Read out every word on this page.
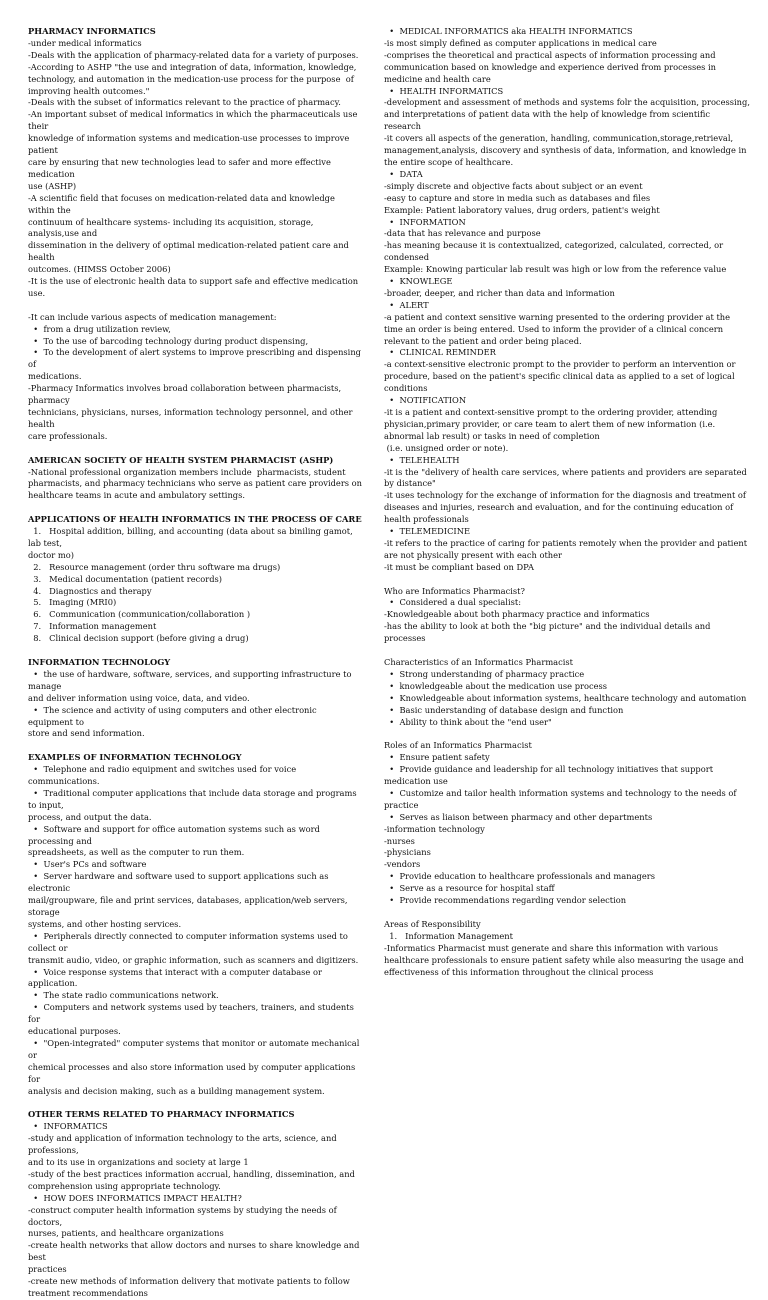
PHARMACY INFORMATICS
-under medical informatics
-Deals with the application of pharmacy-related data for a variety of purposes.
-According to ASHP "the use and integration of data, information, knowledge,
technology, and automation in the medication-use process for the purpose  of
improving health outcomes."
-Deals with the subset of informatics relevant to the practice of pharmacy.
-An important subset of medical informatics in which the pharmaceuticals use their
knowledge of information systems and medication-use processes to improve patient
care by ensuring that new technologies lead to safer and more effective medication
use (ASHP)
-A scientific field that focuses on medication-related data and knowledge within the
continuum of healthcare systems- including its acquisition, storage, analysis,use and
dissemination in the delivery of optimal medication-related patient care and health
outcomes. (HIMSS October 2006)
-It is the use of electronic health data to support safe and effective medication use.
-It can include various aspects of medication management:
•  from a drug utilization review,
•  To the use of barcoding technology during product dispensing,
•  To the development of alert systems to improve prescribing and dispensing of
medications.
-Pharmacy Informatics involves broad collaboration between pharmacists, pharmacy
technicians, physicians, nurses, information technology personnel, and other health
care professionals.
AMERICAN SOCIETY OF HEALTH SYSTEM PHARMACIST (ASHP)
-National professional organization members include  pharmacists, student
pharmacists, and pharmacy technicians who serve as patient care providers on
healthcare teams in acute and ambulatory settings.
APPLICATIONS OF HEALTH INFORMATICS IN THE PROCESS OF CARE
1.   Hospital addition, billing, and accounting (data about sa biniling gamot, lab test,
doctor mo)
2.   Resource management (order thru software ma drugs)
3.   Medical documentation (patient records)
4.   Diagnostics and therapy
5.   Imaging (MRI0)
6.   Communication (communication/collaboration )
7.   Information management
8.   Clinical decision support (before giving a drug)
INFORMATION TECHNOLOGY
•  the use of hardware, software, services, and supporting infrastructure to manage
and deliver information using voice, data, and video.
•  The science and activity of using computers and other electronic equipment to
store and send information.
EXAMPLES OF INFORMATION TECHNOLOGY
•  Telephone and radio equipment and switches used for voice communications.
•  Traditional computer applications that include data storage and programs to input,
process, and output the data.
•  Software and support for office automation systems such as word processing and
spreadsheets, as well as the computer to run them.
•  User's PCs and software
•  Server hardware and software used to support applications such as electronic
mail/groupware, file and print services, databases, application/web servers, storage
systems, and other hosting services.
•  Peripherals directly connected to computer information systems used to collect or
transmit audio, video, or graphic information, such as scanners and digitizers.
•  Voice response systems that interact with a computer database or application.
•  The state radio communications network.
•  Computers and network systems used by teachers, trainers, and students for
educational purposes.
•  "Open-integrated" computer systems that monitor or automate mechanical or
chemical processes and also store information used by computer applications for
analysis and decision making, such as a building management system.
OTHER TERMS RELATED TO PHARMACY INFORMATICS
•  INFORMATICS
-study and application of information technology to the arts, science, and professions,
and to its use in organizations and society at large 1
-study of the best practices information accrual, handling, dissemination, and
comprehension using appropriate technology.
•  HOW DOES INFORMATICS IMPACT HEALTH?
-construct computer health information systems by studying the needs of doctors,
nurses, patients, and healthcare organizations
-create health networks that allow doctors and nurses to share knowledge and best
practices
-create new methods of information delivery that motivate patients to follow
treatment recommendations
•  MEDICAL INFORMATICS aka HEALTH INFORMATICS
-is most simply defined as computer applications in medical care
-comprises the theoretical and practical aspects of information processing and
communication based on knowledge and experience derived from processes in
medicine and health care
•  HEALTH INFORMATICS
-development and assessment of methods and systems folr the acquisition, processing,
and interpretations of patient data with the help of knowledge from scientific
research
-it covers all aspects of the generation, handling, communication,storage,retrieval,
management,analysis, discovery and synthesis of data, information, and knowledge in
the entire scope of healthcare.
•  DATA
-simply discrete and objective facts about subject or an event
-easy to capture and store in media such as databases and files
Example: Patient laboratory values, drug orders, patient's weight
•  INFORMATION
-data that has relevance and purpose
-has meaning because it is contextualized, categorized, calculated, corrected, or
condensed
Example: Knowing particular lab result was high or low from the reference value
•  KNOWLEGE
-broader, deeper, and richer than data and information
•  ALERT
-a patient and context sensitive warning presented to the ordering provider at the
time an order is being entered. Used to inform the provider of a clinical concern
relevant to the patient and order being placed.
•  CLINICAL REMINDER
-a context-sensitive electronic prompt to the provider to perform an intervention or
procedure, based on the patient's specific clinical data as applied to a set of logical
conditions
•  NOTIFICATION
-it is a patient and context-sensitive prompt to the ordering provider, attending
physician,primary provider, or care team to alert them of new information (i.e.
abnormal lab result) or tasks in need of completion
(i.e. unsigned order or note).
•  TELEHEALTH
-it is the "delivery of health care services, where patients and providers are separated
by distance"
-it uses technology for the exchange of information for the diagnosis and treatment of
diseases and injuries, research and evaluation, and for the continuing education of
health professionals
•  TELEMEDICINE
-it refers to the practice of caring for patients remotely when the provider and patient
are not physically present with each other
-it must be compliant based on DPA
Who are Informatics Pharmacist?
•  Considered a dual specialist:
-Knowledgeable about both pharmacy practice and informatics
-has the ability to look at both the "big picture" and the individual details and
processes
Characteristics of an Informatics Pharmacist
•  Strong understanding of pharmacy practice
•  knowledgeable about the medication use process
•  Knowledgeable about information systems, healthcare technology and automation
•  Basic understanding of database design and function
•  Ability to think about the "end user"
Roles of an Informatics Pharmacist
•  Ensure patient safety
•  Provide guidance and leadership for all technology initiatives that support
medication use
•  Customize and tailor health information systems and technology to the needs of
practice
•  Serves as liaison between pharmacy and other departments
-information technology
-nurses
-physicians
-vendors
•  Provide education to healthcare professionals and managers
•  Serve as a resource for hospital staff
•  Provide recommendations regarding vendor selection
Areas of Responsibility
1.   Information Management
-Informatics Pharmacist must generate and share this information with various
healthcare professionals to ensure patient safety while also measuring the usage and
effectiveness of this information throughout the clinical process
